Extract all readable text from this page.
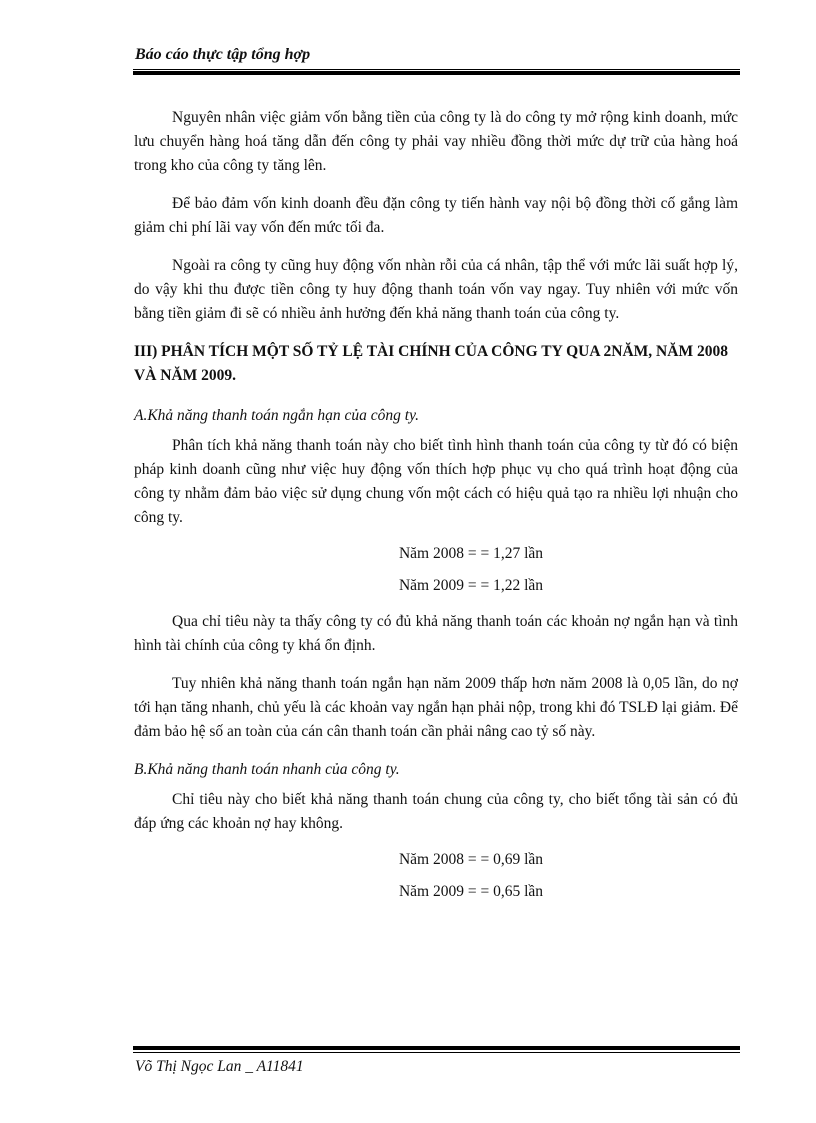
Báo cáo thực tập tổng hợp

Nguyên nhân việc giảm vốn bằng tiền của công ty là do công ty mở rộng kinh doanh, mức lưu chuyển hàng hoá tăng dẫn đến công ty phải vay nhiều đồng thời mức dự trữ của hàng hoá trong kho của công ty tăng lên.

Để bảo đảm vốn kinh doanh đều đặn công ty tiến hành vay nội bộ đồng thời cố gắng làm giảm chi phí lãi vay vốn đến mức tối đa.

Ngoài ra công ty cũng huy động vốn nhàn rỗi của cá nhân, tập thể với mức lãi suất hợp lý, do vậy khi thu được tiền công ty huy động thanh toán vốn vay ngay. Tuy nhiên với mức vốn bằng tiền giảm đi sẽ có nhiều ảnh hưởng đến khả năng thanh toán của công ty.

III) PHÂN TÍCH MỘT SỐ TỶ LỆ TÀI CHÍNH CỦA CÔNG TY QUA 2NĂM, NĂM 2008 VÀ NĂM 2009.

A.Khả năng thanh toán ngắn hạn của công ty.

Phân tích khả năng thanh toán này cho biết tình hình thanh toán của công ty từ đó có biện pháp kinh doanh cũng như việc huy động vốn thích hợp phục vụ cho quá trình hoạt động của công ty nhằm đảm bảo việc sử dụng chung vốn một cách có hiệu quả tạo ra nhiều lợi nhuận cho công ty.

Năm 2008 = = 1,27 lần

Năm 2009 = = 1,22 lần

Qua chỉ tiêu này ta thấy công ty có đủ khả năng thanh toán các khoản nợ ngắn hạn và tình hình tài chính của công ty khá ổn định.

Tuy nhiên khả năng thanh toán ngắn hạn năm 2009 thấp hơn năm 2008 là 0,05 lần, do nợ tới hạn tăng nhanh, chủ yếu là các khoản vay ngắn hạn phải nộp, trong khi đó TSLĐ lại giảm. Để đảm bảo hệ số an toàn của cán cân thanh toán cần phải nâng cao tỷ số này.

B.Khả năng thanh toán nhanh của công ty.

Chỉ tiêu này cho biết khả năng thanh toán chung của công ty, cho biết tổng tài sản có đủ đáp ứng các khoản nợ hay không.

Năm 2008 = = 0,69 lần

Năm 2009 = = 0,65 lần

Võ Thị Ngọc Lan _ A11841
